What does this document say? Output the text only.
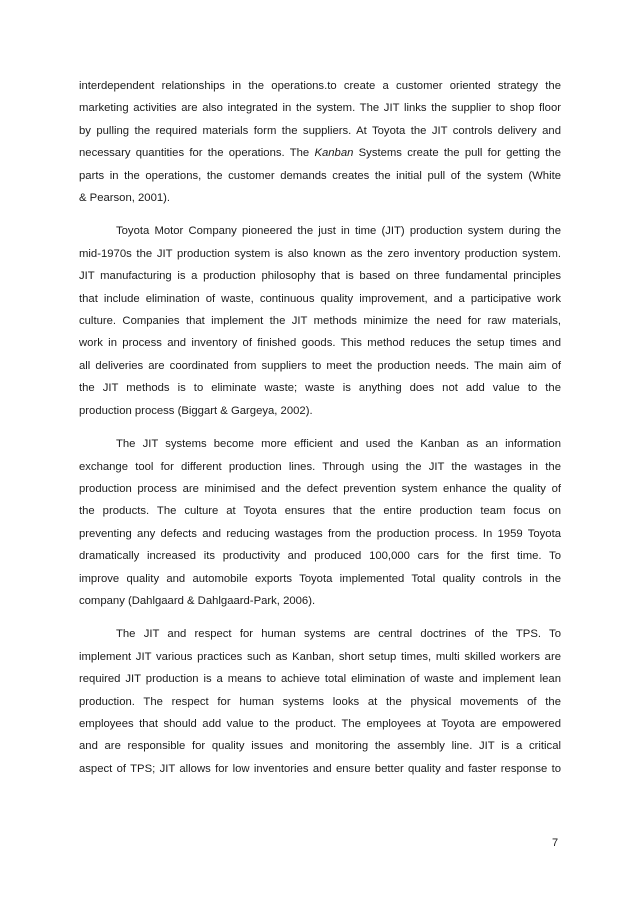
interdependent relationships in the operations.to create a customer oriented strategy the
marketing activities are also integrated in the system. The JIT links the supplier to shop floor
by pulling the required materials form the suppliers. At Toyota the JIT controls delivery and
necessary quantities for the operations. The Kanban Systems create the pull for getting the
parts in the operations, the customer demands creates the initial pull of the system (White
& Pearson, 2001).
Toyota Motor Company pioneered the just in time (JIT) production system during the
mid-1970s the JIT production system is also known as the zero inventory production system.
JIT manufacturing is a production philosophy that is based on three fundamental principles
that include elimination of waste, continuous quality improvement, and a participative work
culture. Companies that implement the JIT methods minimize the need for raw materials,
work in process and inventory of finished goods. This method reduces the setup times and
all deliveries are coordinated from suppliers to meet the production needs. The main aim of
the JIT methods is to eliminate waste; waste is anything does not add value to the
production process (Biggart & Gargeya, 2002).
The JIT systems become more efficient and used the Kanban as an information
exchange tool for different production lines. Through using the JIT the wastages in the
production process are minimised and the defect prevention system enhance the quality of
the products. The culture at Toyota ensures that the entire production team focus on
preventing any defects and reducing wastages from the production process. In 1959 Toyota
dramatically increased its productivity and produced 100,000 cars for the first time. To
improve quality and automobile exports Toyota implemented Total quality controls in the
company (Dahlgaard & Dahlgaard-Park, 2006).
The JIT and respect for human systems are central doctrines of the TPS. To
implement JIT various practices such as Kanban, short setup times, multi skilled workers are
required JIT production is a means to achieve total elimination of waste and implement lean
production. The respect for human systems looks at the physical movements of the
employees that should add value to the product. The employees at Toyota are empowered
and are responsible for quality issues and monitoring the assembly line. JIT is a critical
aspect of TPS; JIT allows for low inventories and ensure better quality and faster response to
7
